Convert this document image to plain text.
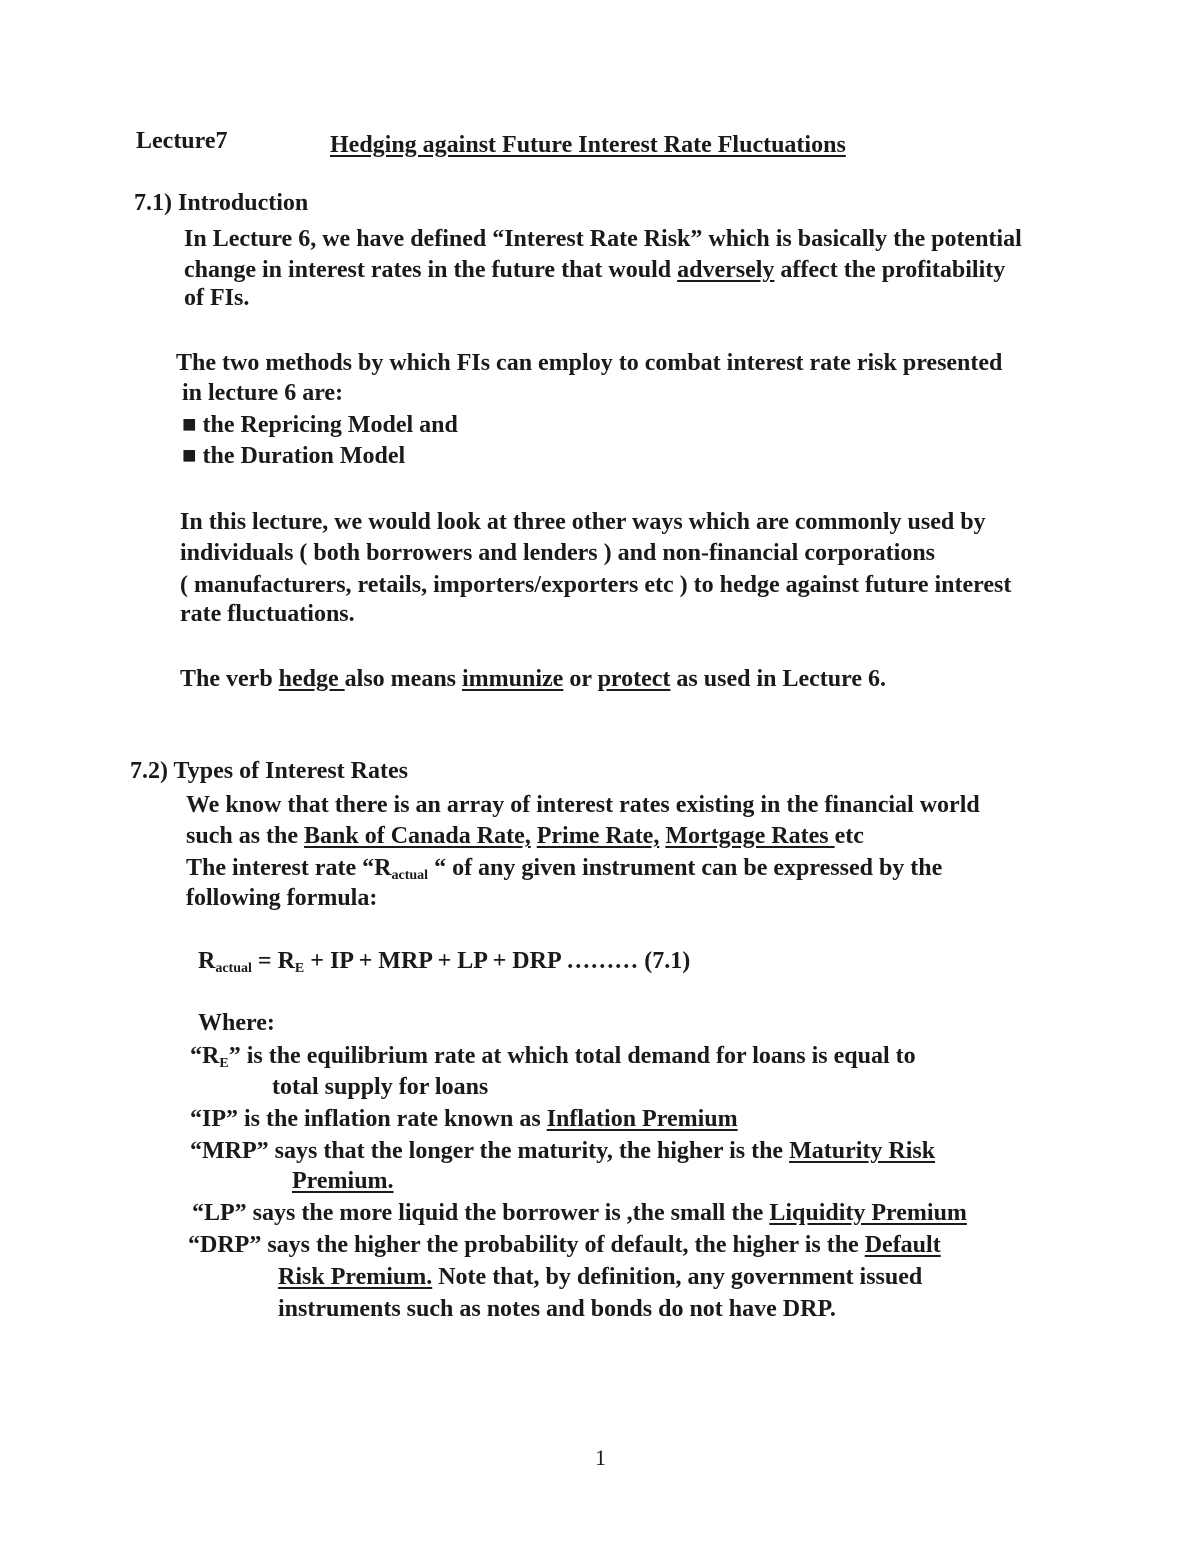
Lecture7	Hedging against Future Interest Rate Fluctuations
7.1) Introduction
In Lecture 6, we have defined “Interest Rate Risk” which is basically the potential
change in interest rates in the future that would adversely affect the profitability
of FIs.
The two methods by which FIs can employ to combat interest rate risk presented
in lecture 6 are:
■ the Repricing Model and
■ the Duration Model
In this lecture, we would look at three other ways which are commonly used by
individuals ( both borrowers and lenders ) and non-financial corporations
( manufacturers, retails, importers/exporters etc ) to hedge against future interest
rate fluctuations.
The verb hedge also means immunize or protect as used in Lecture 6.
7.2) Types of Interest Rates
We know that there is an array of interest rates existing in the financial world
such as the Bank of Canada Rate, Prime Rate, Mortgage Rates etc
The interest rate “$R_{actual}$ “ of any given instrument can be expressed by the
following formula:
$R_{actual} = R_E$ + IP + MRP + LP + DRP ……… (7.1)
Where:
“$R_E$” is the equilibrium rate at which total demand for loans is equal to
total supply for loans
“IP” is the inflation rate known as Inflation Premium
“MRP” says that the longer the maturity, the higher is the Maturity Risk
Premium.
“LP” says the more liquid the borrower is ,the small the Liquidity Premium
“DRP” says the higher the probability of default, the higher is the Default
Risk Premium. Note that, by definition, any government issued
instruments such as notes and bonds do not have DRP.
1
